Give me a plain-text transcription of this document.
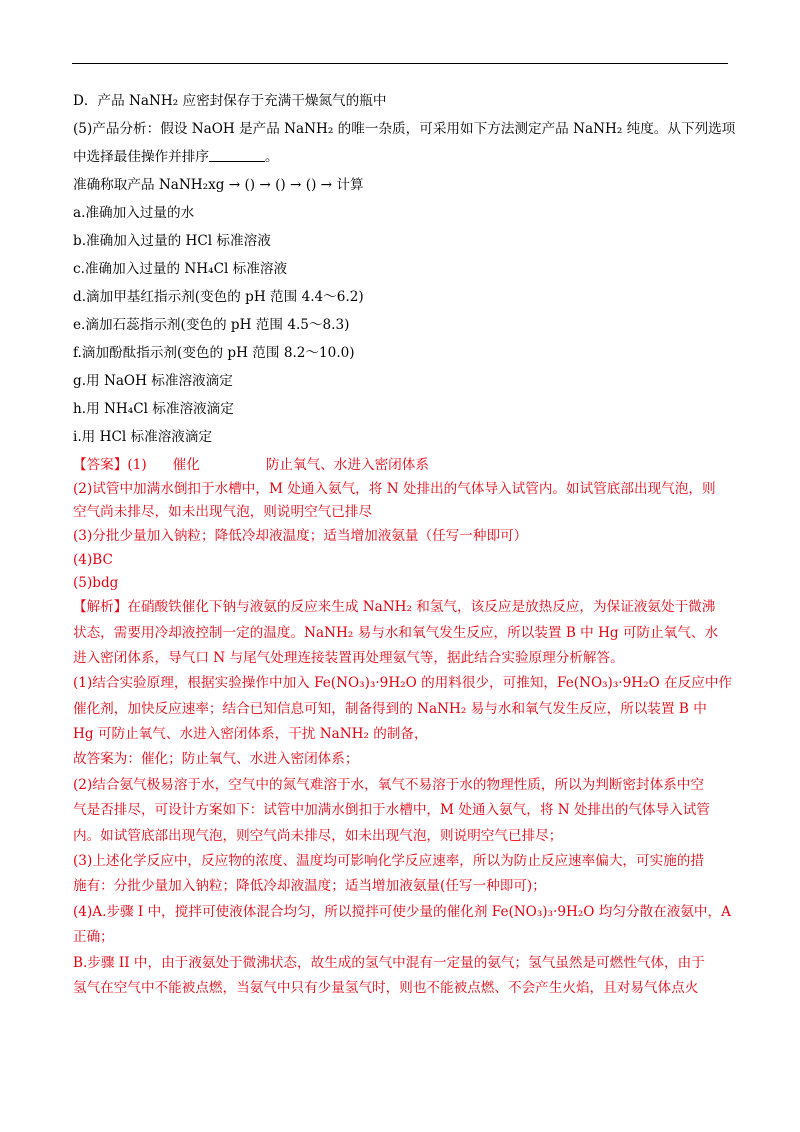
D．产品 NaNH₂ 应密封保存于充满干燥氮气的瓶中

(5)产品分析：假设 NaOH 是产品 NaNH₂ 的唯一杂质，可采用如下方法测定产品 NaNH₂ 纯度。从下列选项

中选择最佳操作并排序	。

准确称取产品 NaNH₂xg → () → () → () → 计算

a.准确加入过量的水

b.准确加入过量的 HCl 标准溶液

c.准确加入过量的 NH₄Cl 标准溶液

d.滴加甲基红指示剂(变色的 pH 范围 4.4～6.2)

e.滴加石蕊指示剂(变色的 pH 范围 4.5～8.3)

f.滴加酚酞指示剂(变色的 pH 范围 8.2～10.0)

g.用 NaOH 标准溶液滴定

h.用 NH₄Cl 标准溶液滴定

i.用 HCl 标准溶液滴定

【答案】(1) 催化	防止氧气、水进入密闭体系

(2)试管中加满水倒扣于水槽中，M 处通入氨气，将 N 处排出的气体导入试管内。如试管底部出现气泡，则

空气尚未排尽，如未出现气泡，则说明空气已排尽

(3)分批少量加入钠粒；降低冷却液温度；适当增加液氨量（任写一种即可）

(4)BC

(5)bdg

【解析】在硝酸铁催化下钠与液氨的反应来生成 NaNH₂ 和氢气，该反应是放热反应，为保证液氨处于微沸

状态，需要用冷却液控制一定的温度。NaNH₂ 易与水和氧气发生反应，所以装置 B 中 Hg 可防止氧气、水

进入密闭体系，导气口 N 与尾气处理连接装置再处理氨气等，据此结合实验原理分析解答。

(1)结合实验原理，根据实验操作中加入 Fe(NO₃)₃·9H₂O 的用料很少，可推知，Fe(NO₃)₃·9H₂O 在反应中作

催化剂，加快反应速率；结合已知信息可知，制备得到的 NaNH₂ 易与水和氧气发生反应，所以装置 B 中

Hg 可防止氧气、水进入密闭体系，干扰 NaNH₂ 的制备，

故答案为：催化；防止氧气、水进入密闭体系；

(2)结合氨气极易溶于水，空气中的氮气难溶于水，氧气不易溶于水的物理性质，所以为判断密封体系中空

气是否排尽，可设计方案如下：试管中加满水倒扣于水槽中，M 处通入氨气，将 N 处排出的气体导入试管

内。如试管底部出现气泡，则空气尚未排尽，如未出现气泡，则说明空气已排尽；

(3)上述化学反应中，反应物的浓度、温度均可影响化学反应速率，所以为防止反应速率偏大，可实施的措

施有：分批少量加入钠粒；降低冷却液温度；适当增加液氨量(任写一种即可)；

(4)A.步骤 I 中，搅拌可使液体混合均匀，所以搅拌可使少量的催化剂 Fe(NO₃)₃·9H₂O 均匀分散在液氨中，A

正确；

B.步骤 II 中，由于液氨处于微沸状态，故生成的氢气中混有一定量的氨气；氢气虽然是可燃性气体，由于

氢气在空气中不能被点燃，当氨气中只有少量氢气时，则也不能被点燃、不会产生火焰，且对易气体点火
